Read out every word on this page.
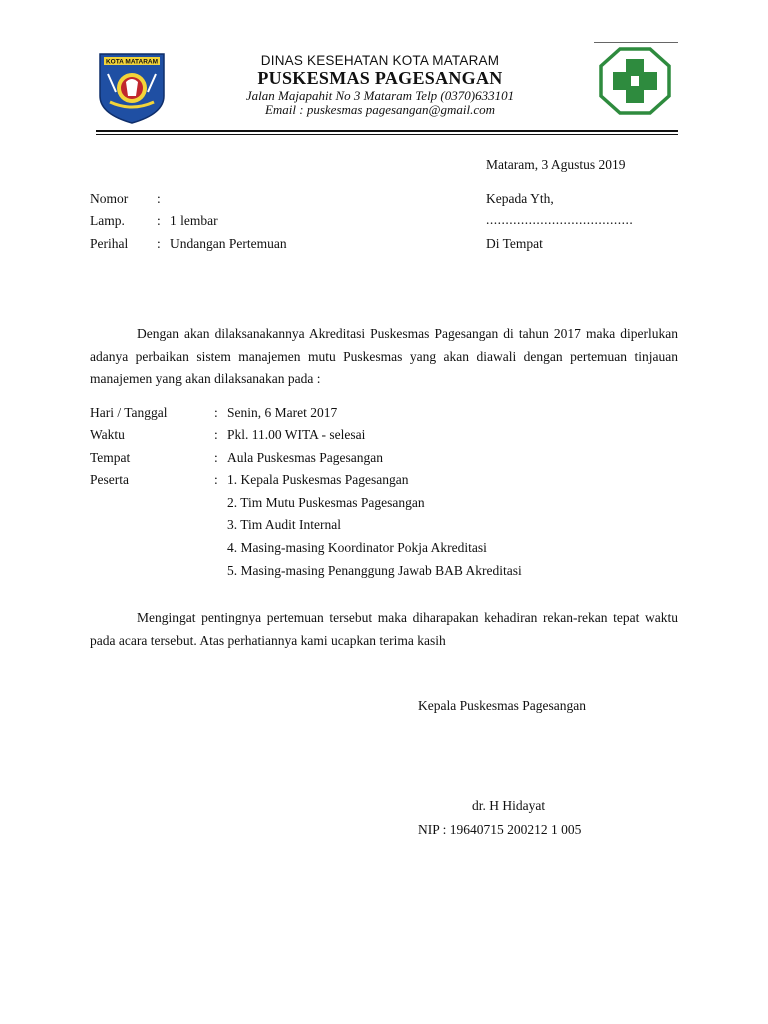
KOTA MATARAM	DINAS KESEHATAN KOTA MATARAM
PUSKESMAS PAGESANGAN
Jalan Majapahit No 3 Mataram Telp (0370)633101
Email : puskesmas pagesangan@gmail.com
Mataram, 3 Agustus 2019
Nomor :
Lamp. : 1 lembar
Perihal : Undangan Pertemuan
Kepada Yth,
......................................
Di Tempat
Dengan akan dilaksanakannya Akreditasi Puskesmas Pagesangan di tahun 2017 maka diperlukan adanya perbaikan sistem manajemen mutu Puskesmas yang akan diawali dengan pertemuan tinjauan manajemen yang akan dilaksanakan pada :
Hari / Tanggal	: Senin, 6 Maret 2017
Waktu	: Pkl. 11.00 WITA - selesai
Tempat	: Aula Puskesmas Pagesangan
Peserta	: 1. Kepala Puskesmas Pagesangan
2. Tim Mutu Puskesmas Pagesangan
3. Tim Audit Internal
4. Masing-masing Koordinator Pokja Akreditasi
5. Masing-masing Penanggung Jawab BAB Akreditasi
Mengingat pentingnya pertemuan tersebut maka diharapakan kehadiran rekan-rekan tepat waktu pada acara tersebut. Atas perhatiannya kami ucapkan terima kasih
Kepala Puskesmas Pagesangan
dr. H Hidayat
NIP : 19640715 200212 1 005
